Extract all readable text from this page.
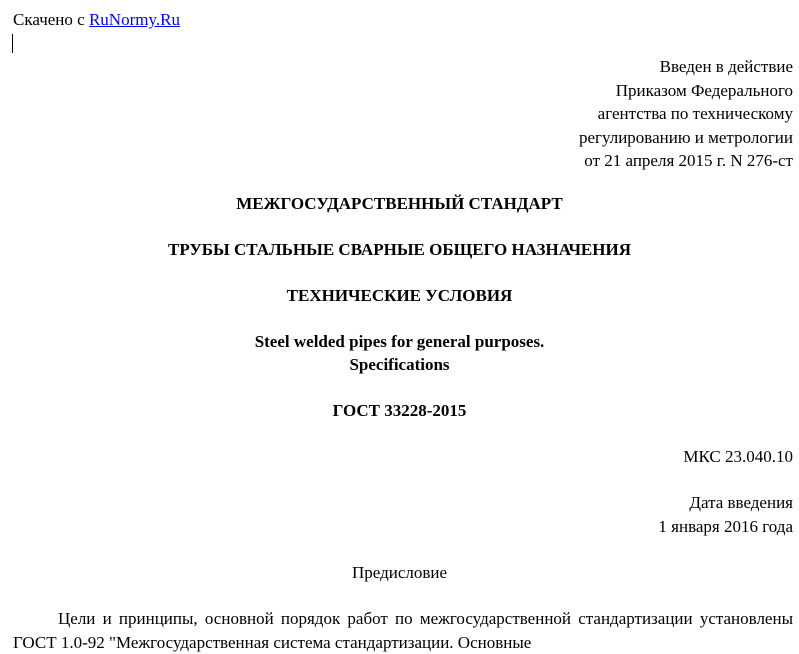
Скачено с RuNormy.Ru
Введен в действие
Приказом Федерального
агентства по техническому
регулированию и метрологии
от 21 апреля 2015 г. N 276-ст
МЕЖГОСУДАРСТВЕННЫЙ СТАНДАРТ
ТРУБЫ СТАЛЬНЫЕ СВАРНЫЕ ОБЩЕГО НАЗНАЧЕНИЯ
ТЕХНИЧЕСКИЕ УСЛОВИЯ
Steel welded pipes for general purposes.
Specifications
ГОСТ 33228-2015
МКС 23.040.10
Дата введения
1 января 2016 года
Предисловие
Цели и принципы, основной порядок работ по межгосударственной стандартизации установлены ГОСТ 1.0-92 "Межгосударственная система стандартизации. Основные
